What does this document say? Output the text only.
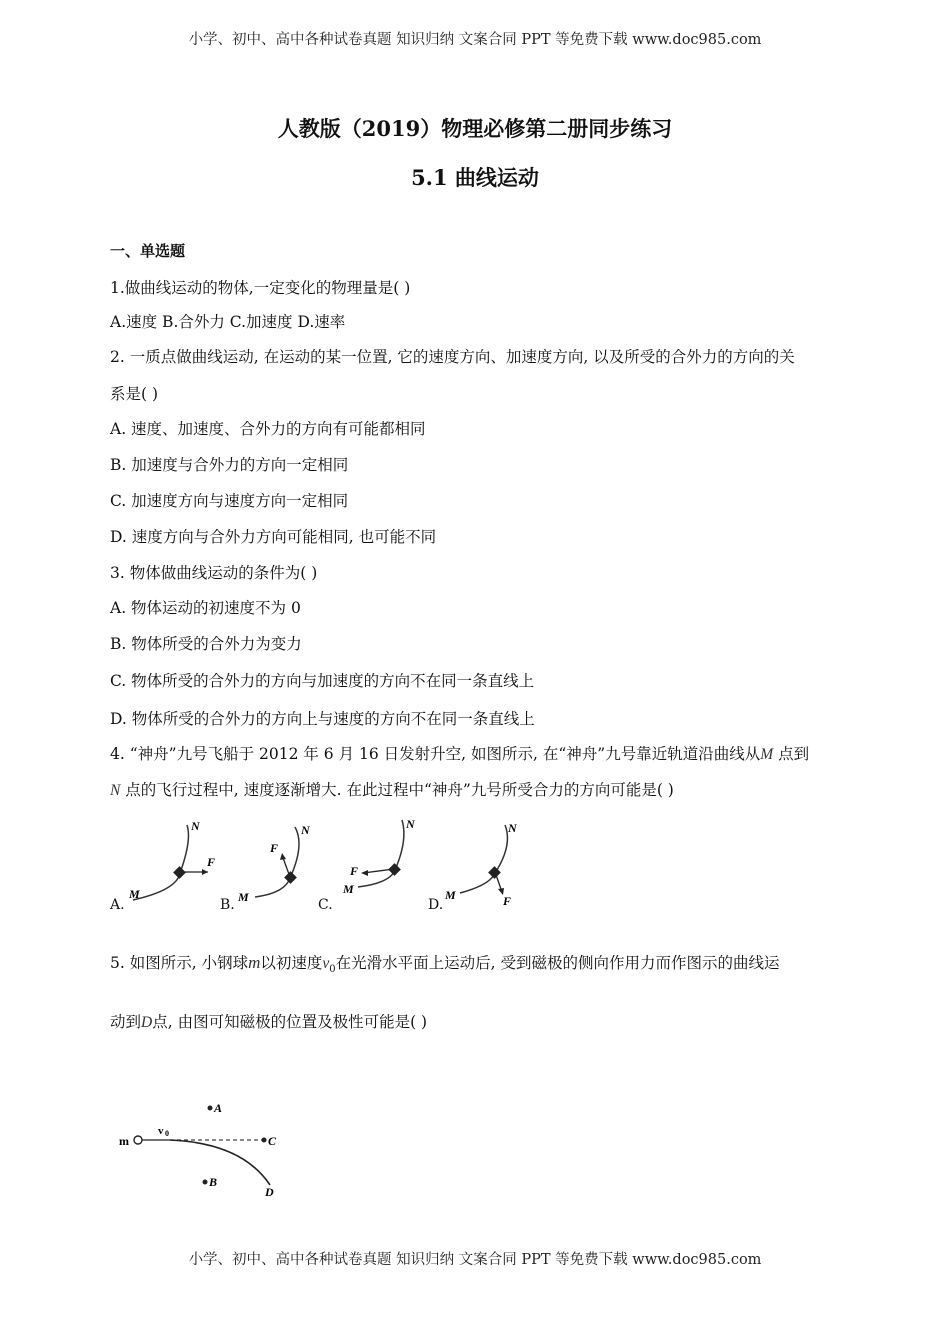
小学、初中、高中各种试卷真题 知识归纳 文案合同 PPT 等免费下载 www.doc985.com
人教版（2019）物理必修第二册同步练习
5.1 曲线运动
一、单选题
1.做曲线运动的物体,一定变化的物理量是( )
A.速度 B.合外力 C.加速度 D.速率
2. 一质点做曲线运动, 在运动的某一位置, 它的速度方向、加速度方向, 以及所受的合外力的方向的关
系是( )
A. 速度、加速度、合外力的方向有可能都相同
B. 加速度与合外力的方向一定相同
C. 加速度方向与速度方向一定相同
D. 速度方向与合外力方向可能相同, 也可能不同
3. 物体做曲线运动的条件为( )
A. 物体运动的初速度不为 0
B. 物体所受的合外力为变力
C. 物体所受的合外力的方向与加速度的方向不在同一条直线上
D. 物体所受的合外力的方向上与速度的方向不在同一条直线上
4. “神舟”九号飞船于 2012 年 6 月 16 日发射升空, 如图所示, 在“神舟”九号靠近轨道沿曲线从M 点到
N 点的飞行过程中, 速度逐渐增大. 在此过程中“神舟”九号所受合力的方向可能是( )
N
F
M
N
F
M
N
F
M
N
F
M
A.	B.	C.	D.
5. 如图所示, 小钢球m以初速度$v_0$在光滑水平面上运动后, 受到磁极的侧向作用力而作图示的曲线运
动到D点, 由图可知磁极的位置及极性可能是( )
m
v 0
A
C
B
D
小学、初中、高中各种试卷真题 知识归纳 文案合同 PPT 等免费下载 www.doc985.com
